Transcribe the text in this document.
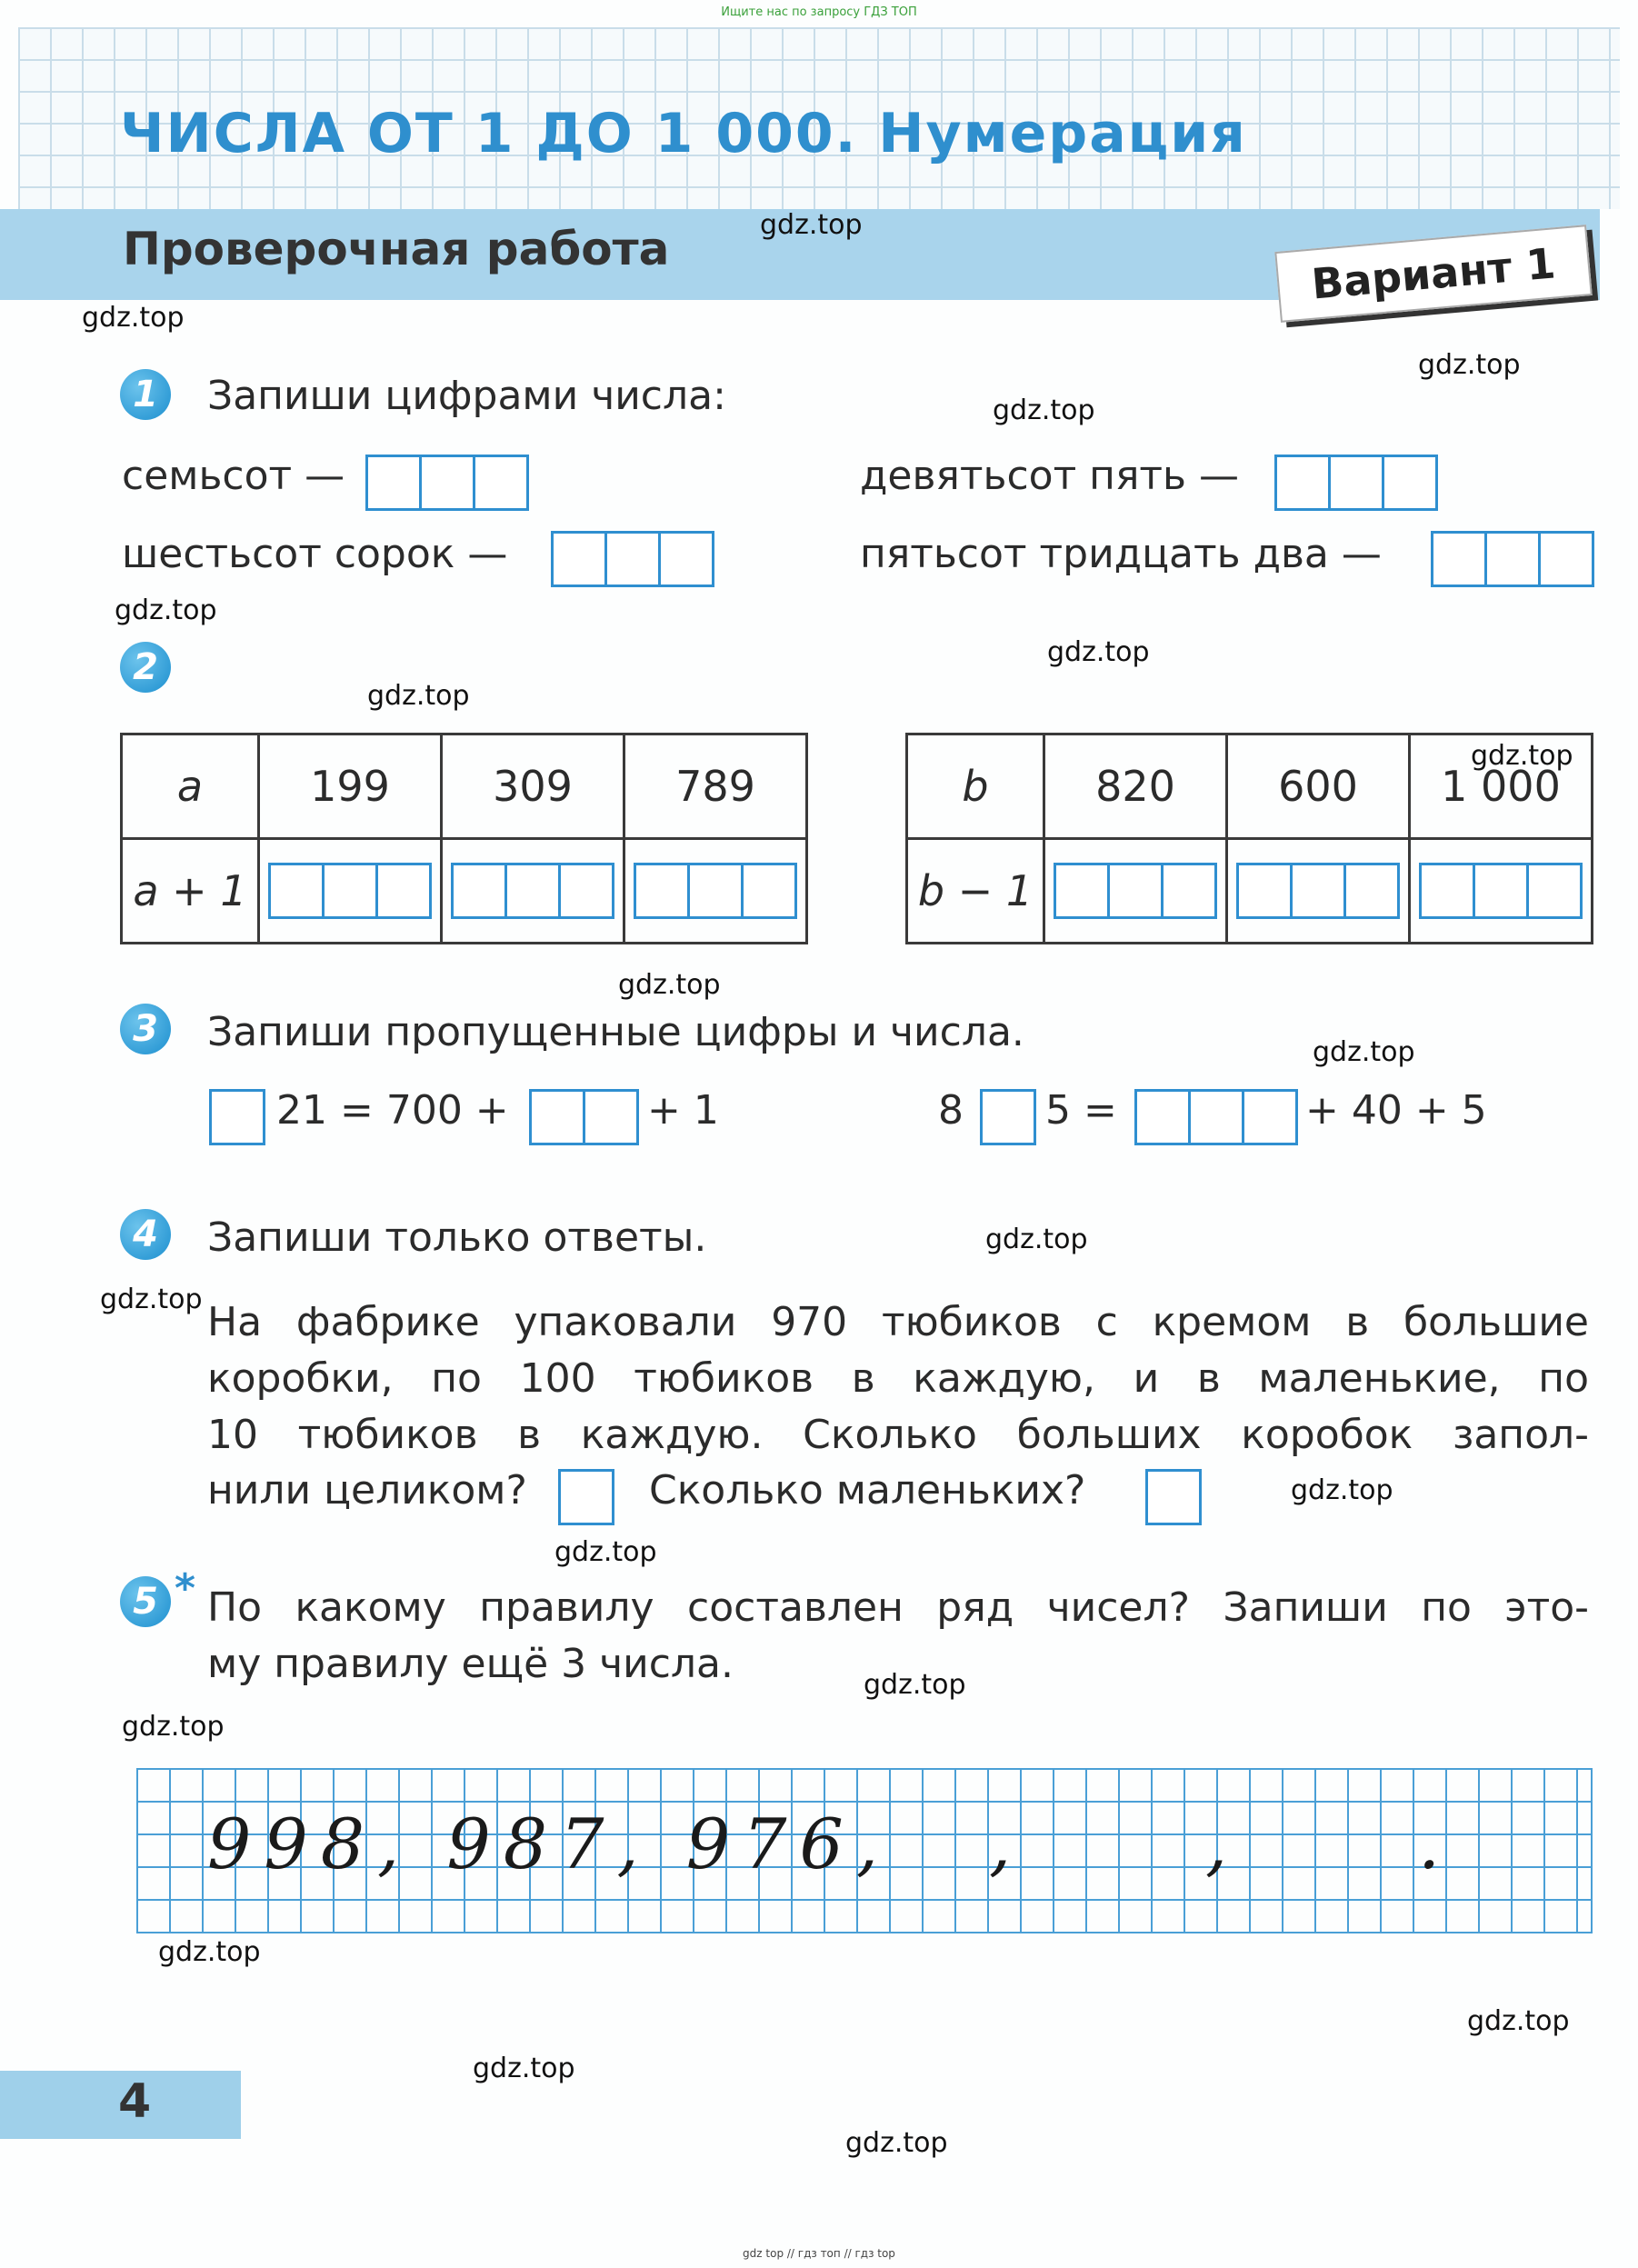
Ищите нас по запросу ГДЗ ТОП
ЧИСЛА ОТ 1 ДО 1 000. Нумерация
Проверочная работа	Вариант 1
gdz.top
gdz.top
gdz.top
gdz.top
gdz.top
gdz.top
gdz.top
gdz.top
gdz.top
gdz.top
gdz.top
gdz.top
gdz.top
gdz.top
gdz.top
gdz.top
gdz.top
gdz.top
gdz.top
gdz.top
1	Запиши цифрами числа:
семьсот —	девятьсот пять —
шестьсот сорок —	пятьсот тридцать два —
2
a	199	309	789
a + 1	

b	820	600	1 000
b − 1	

3	Запиши пропущенные цифры и числа.
21 = 700 +	+ 1	8 5 =	+ 40 + 5
4	Запиши только ответы.
На фабрике упаковали 970 тюбиков с кремом в большие
коробки, по 100 тюбиков в каждую, и в маленькие, по
10 тюбиков в каждую. Сколько больших коробок запол-
нили целиком?	Сколько маленьких?
5 * По какому правилу составлен ряд чисел? Запиши по это-
му правилу ещё 3 числа.
998, 987, 976, ,	,	.
4
gdz top // гдз топ // гдз top
